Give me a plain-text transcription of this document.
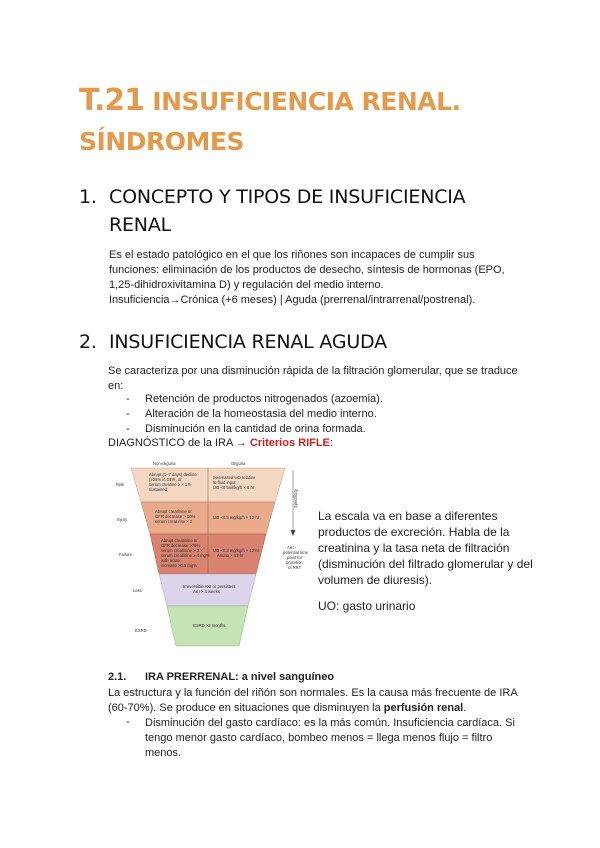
T.21 INSUFICIENCIA RENAL.
SÍNDROMES
1. CONCEPTO Y TIPOS DE INSUFICIENCIA
RENAL
Es el estado patológico en el que los riñones son incapaces de cumplir sus
funciones: eliminación de los productos de desecho, síntesis de hormonas (EPO,
1,25-dihidroxivitamina D) y regulación del medio interno.
Insuficiencia→Crónica (+6 meses) | Aguda (prerrenal/intrarrenal/postrenal).
2. INSUFICIENCIA RENAL AGUDA
Se caracteriza por una disminución rápida de la filtración glomerular, que se traduce
en:
- Retención de productos nitrogenados (azoemia).
- Alteración de la homeostasia del medio interno.
- Disminución en la cantidad de orina formada.
DIAGNÓSTICO de la IRA → Criterios RIFLE:
Non-oliguria	Oliguria
Risk
Injury
Failure
Loss
ESRD
Abrupt (1–7 days) decline (≥25% in GFR, or serum creatine ≥ × 1.5 sustained
Decreased UO relative to fluid input UO <0.5ml/kg/h × 6 hr
Abrupt creatinine or GFR decrease > 50% serum creat rise × 2
UO <0.5 mg/kg/h × 12 hr
Abrupt creatinine or GFR decrease >75% serum creatinine > 3 × serum creatinine ≥ 4 mg% with acute increase >0.5 mg%
UO <0.3 mg/kg/h × 12 hr Anuria × 12 hr
Irreversible AKI or persistent AKI > 4 weeks
ESRD >3 months
Specificity
AKI - potential time point for provision of RRT
La escala va en base a diferentes
productos de excreción. Habla de la
creatinina y la tasa neta de filtración
(disminución del filtrado glomerular y del
volumen de diuresis).
UO: gasto urinario
2.1. IRA PRERRENAL: a nivel sanguíneo
La estructura y la función del riñón son normales. Es la causa más frecuente de IRA
(60-70%). Se produce en situaciones que disminuyen la perfusión renal.
- Disminución del gasto cardíaco: es la más común. Insuficiencia cardíaca. Si
tengo menor gasto cardíaco, bombeo menos = llega menos flujo = filtro
menos.
